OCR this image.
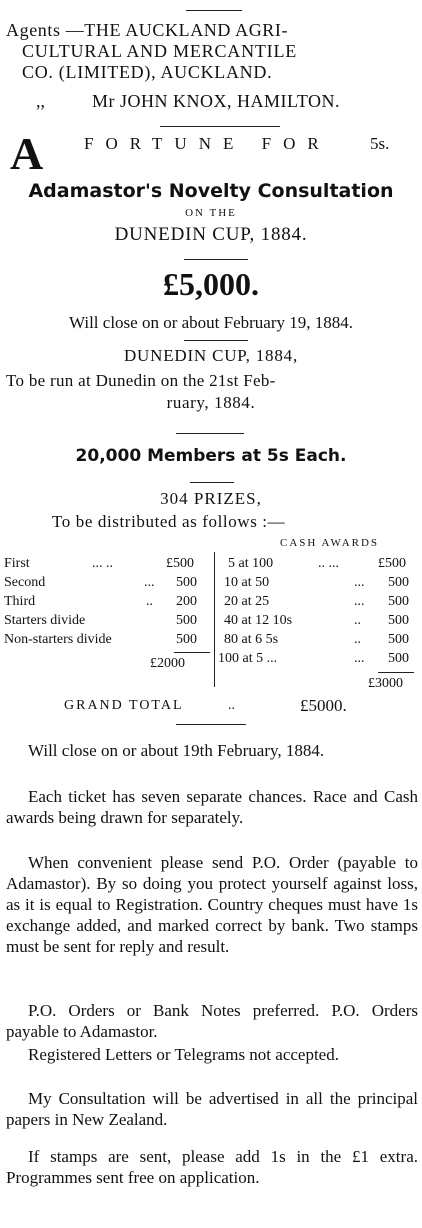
Agents —THE AUCKLAND AGRI-
CULTURAL AND MERCANTILE
CO. (LIMITED), AUCKLAND.
,,	Mr JOHN KNOX, HAMILTON.
A FORTUNE FOR 5s.
Adamastor's Novelty Consultation
ON THE
DUNEDIN CUP, 1884.
£5,000.
Will close on or about February 19, 1884.
DUNEDIN CUP, 1884,
To be run at Dunedin on the 21st Feb-
ruary, 1884.
20,000 Members at 5s Each.
304 PRIZES,
To be distributed as follows :—
CASH AWARDS
First	... ..	£500
Second	... 500
Third	.. 200
Starters divide	500
Non-starters divide	500
£2000
5 at 100	.. ...	£500
10 at 50	... 500
20 at 25	... 500
40 at 12 10s	.. 500
80 at 6 5s	.. 500
100 at 5 ...	... 500
£3000
GRAND TOTAL	..	£5000.
Will close on or about 19th February, 1884.
Each ticket has seven separate chances. Race and Cash awards being drawn for separately.
When convenient please send P.O. Order (payable to Adamastor). By so doing you protect yourself against loss, as it is equal to Registration. Country cheques must have 1s exchange added, and marked correct by bank. Two stamps must be sent for reply and result.
P.O. Orders or Bank Notes preferred. P.O. Orders payable to Adamastor.
Registered Letters or Telegrams not accepted.
My Consultation will be advertised in all the principal papers in New Zealand.
If stamps are sent, please add 1s in the £1 extra. Programmes sent free on application.
